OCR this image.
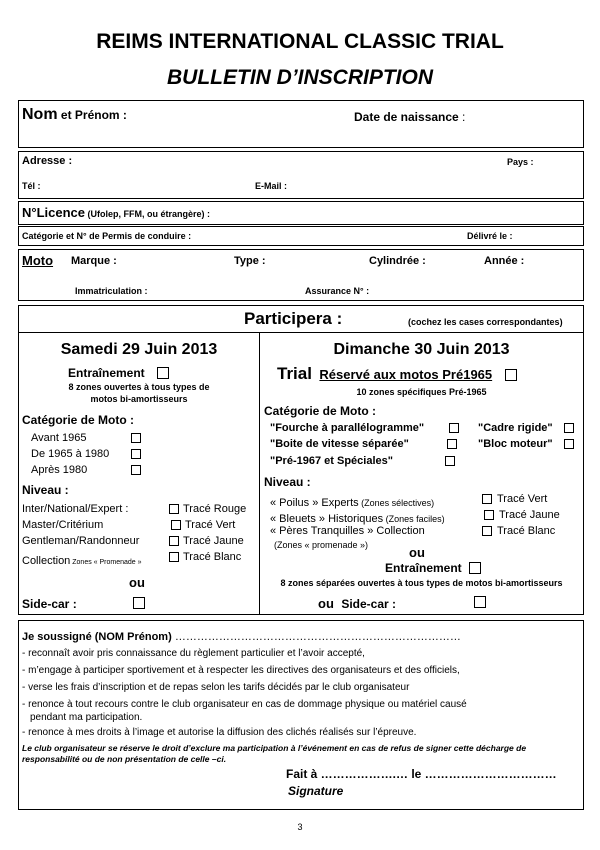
REIMS INTERNATIONAL CLASSIC TRIAL
BULLETIN D’INSCRIPTION
Nom et Prénom :	Date de naissance :
Adresse :	Pays :
Tél :	E-Mail :
N°Licence (Ufolep, FFM, ou étrangère) :
Catégorie et N° de Permis de conduire :	Délivré le :
Moto Marque :	Type :	Cylindrée :	Année :
Immatriculation :	Assurance N° :
Participera :	(cochez les cases correspondantes)
Samedi 29 Juin 2013
Entraînement
8 zones ouvertes à tous types de
motos bi-amortisseurs
Catégorie de Moto :
Avant 1965
De 1965 à 1980
Après 1980
Niveau :
Inter/National/Expert :	Tracé Rouge
Master/Critérium	Tracé Vert
Gentleman/Randonneur	Tracé Jaune
Collection Zones « Promenade »	Tracé Blanc
ou
Side-car :
Dimanche 30 Juin 2013
Trial Réservé aux motos Pré1965
10 zones spécifiques Pré-1965
Catégorie de Moto :
"Fourche à parallélogramme"	"Cadre rigide"
"Boite de vitesse séparée"	"Bloc moteur"
"Pré-1967 et Spéciales"
Niveau :
« Poilus » Experts (Zones sélectives)	Tracé Vert
« Bleuets » Historiques (Zones faciles)	Tracé Jaune
« Pères Tranquilles » Collection	Tracé Blanc
(Zones « promenade »)	ou
Entraînement
8 zones séparées ouvertes à tous types de motos bi-amortisseurs
ou Side-car :
Je soussigné (NOM Prénom) ……………………………………………………………………
- reconnaît avoir pris connaissance du règlement particulier et l’avoir accepté,
- m’engage à participer sportivement et à respecter les directives des organisateurs et des officiels,
- verse les frais d’inscription et de repas selon les tarifs décidés par le club organisateur
- renonce à tout recours contre le club organisateur en cas de dommage physique ou matériel causé
pendant ma participation.
- renonce à mes droits à l’image et autorise la diffusion des clichés réalisés sur l’épreuve.
Le club organisateur se réserve le droit d’exclure ma participation à l’événement en cas de refus de signer cette décharge de
responsabilité ou de non présentation de celle –ci.
Fait à ……………….… le ……………………………
Signature
3
